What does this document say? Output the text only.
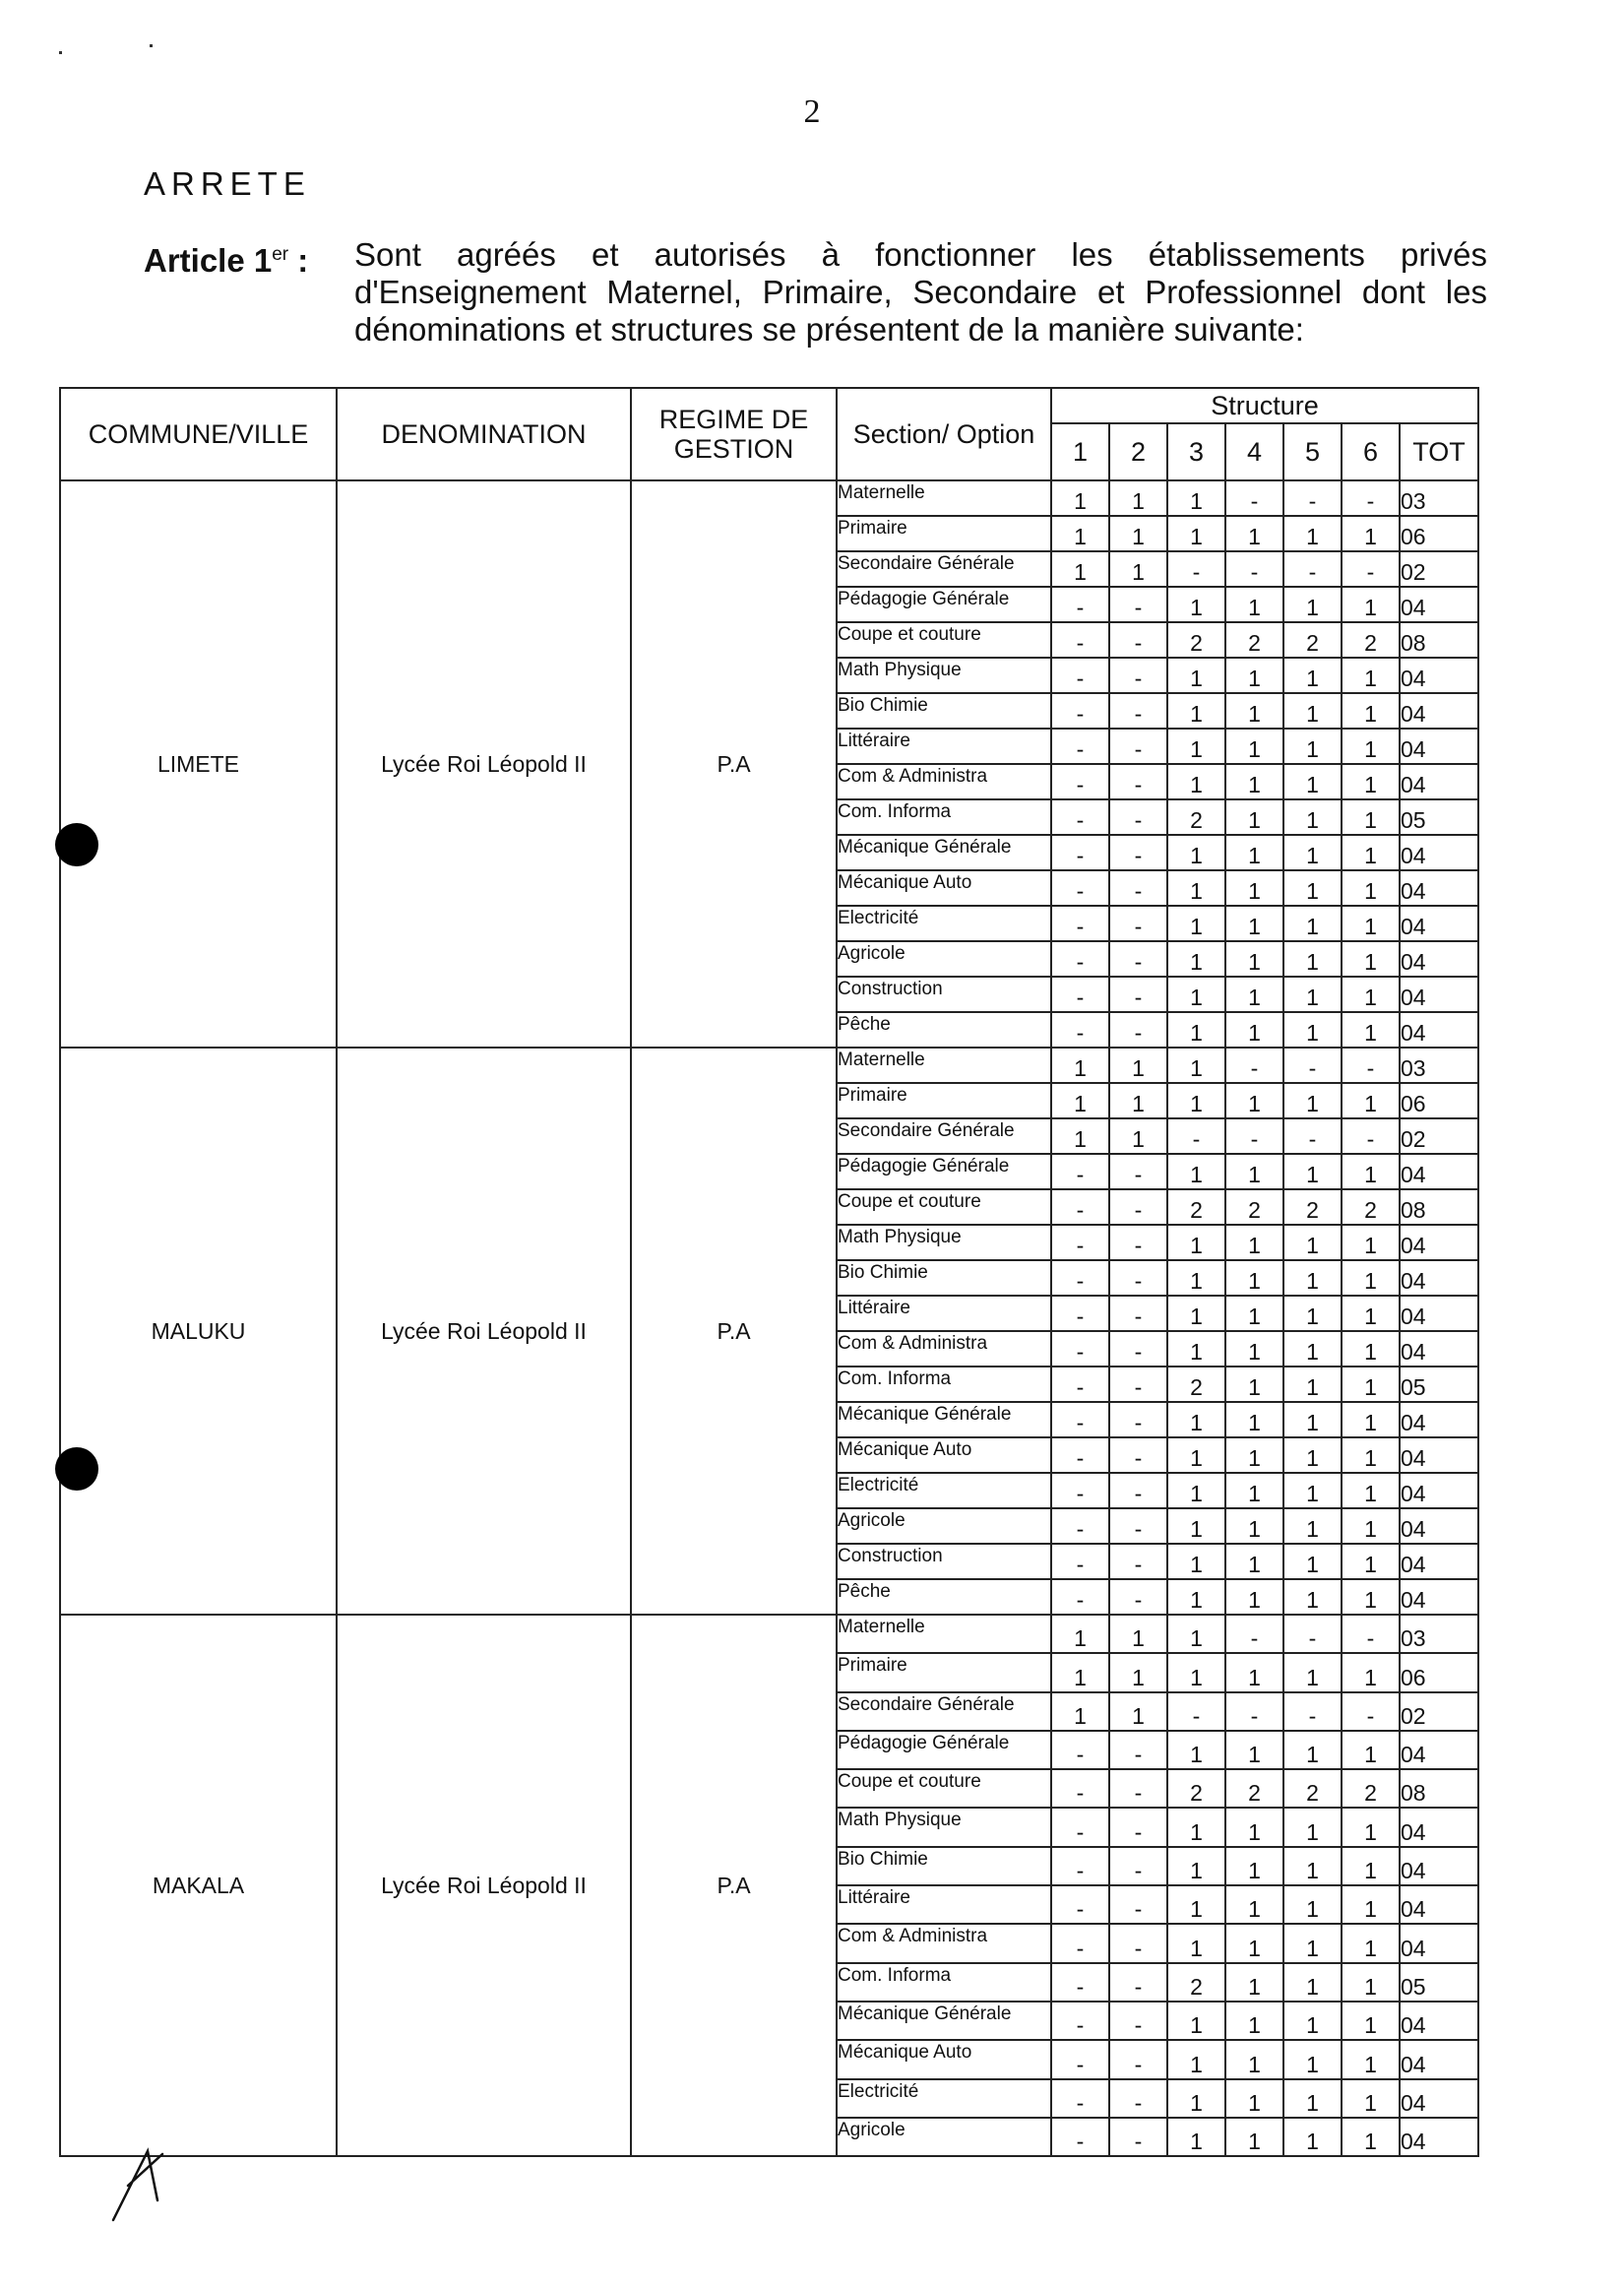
2
ARRETE
Article 1er : Sont agréés et autorisés à fonctionner les établissements privés d'Enseignement Maternel, Primaire, Secondaire et Professionnel dont les dénominations et structures se présentent de la manière suivante:
COMMUNE/VILLE	DENOMINATION	REGIME DE GESTION	Section/ Option	Structure						
				1	2	3	4	5	6	TOT
LIMETE	Lycée Roi Léopold II	P.A	Maternelle	1	1	1	-	-	-	03
			Primaire	1	1	1	1	1	1	06
			Secondaire Générale	1	1	-	-	-	-	02
			Pédagogie Générale	-	-	1	1	1	1	04
			Coupe et couture	-	-	2	2	2	2	08
			Math Physique	-	-	1	1	1	1	04
			Bio Chimie	-	-	1	1	1	1	04
			Littéraire	-	-	1	1	1	1	04
			Com & Administra	-	-	1	1	1	1	04
			Com. Informa	-	-	2	1	1	1	05
			Mécanique Générale	-	-	1	1	1	1	04
			Mécanique Auto	-	-	1	1	1	1	04
			Electricité	-	-	1	1	1	1	04
			Agricole	-	-	1	1	1	1	04
			Construction	-	-	1	1	1	1	04
			Pêche	-	-	1	1	1	1	04
MALUKU	Lycée Roi Léopold II	P.A	Maternelle	1	1	1	-	-	-	03
			Primaire	1	1	1	1	1	1	06
			Secondaire Générale	1	1	-	-	-	-	02
			Pédagogie Générale	-	-	1	1	1	1	04
			Coupe et couture	-	-	2	2	2	2	08
			Math Physique	-	-	1	1	1	1	04
			Bio Chimie	-	-	1	1	1	1	04
			Littéraire	-	-	1	1	1	1	04
			Com & Administra	-	-	1	1	1	1	04
			Com. Informa	-	-	2	1	1	1	05
			Mécanique Générale	-	-	1	1	1	1	04
			Mécanique Auto	-	-	1	1	1	1	04
			Electricité	-	-	1	1	1	1	04
			Agricole	-	-	1	1	1	1	04
			Construction	-	-	1	1	1	1	04
			Pêche	-	-	1	1	1	1	04
MAKALA	Lycée Roi Léopold II	P.A	Maternelle	1	1	1	-	-	-	03
			Primaire	1	1	1	1	1	1	06
			Secondaire Générale	1	1	-	-	-	-	02
			Pédagogie Générale	-	-	1	1	1	1	04
			Coupe et couture	-	-	2	2	2	2	08
			Math Physique	-	-	1	1	1	1	04
			Bio Chimie	-	-	1	1	1	1	04
			Littéraire	-	-	1	1	1	1	04
			Com & Administra	-	-	1	1	1	1	04
			Com. Informa	-	-	2	1	1	1	05
			Mécanique Générale	-	-	1	1	1	1	04
			Mécanique Auto	-	-	1	1	1	1	04
			Electricité	-	-	1	1	1	1	04
			Agricole	-	-	1	1	1	1	04
